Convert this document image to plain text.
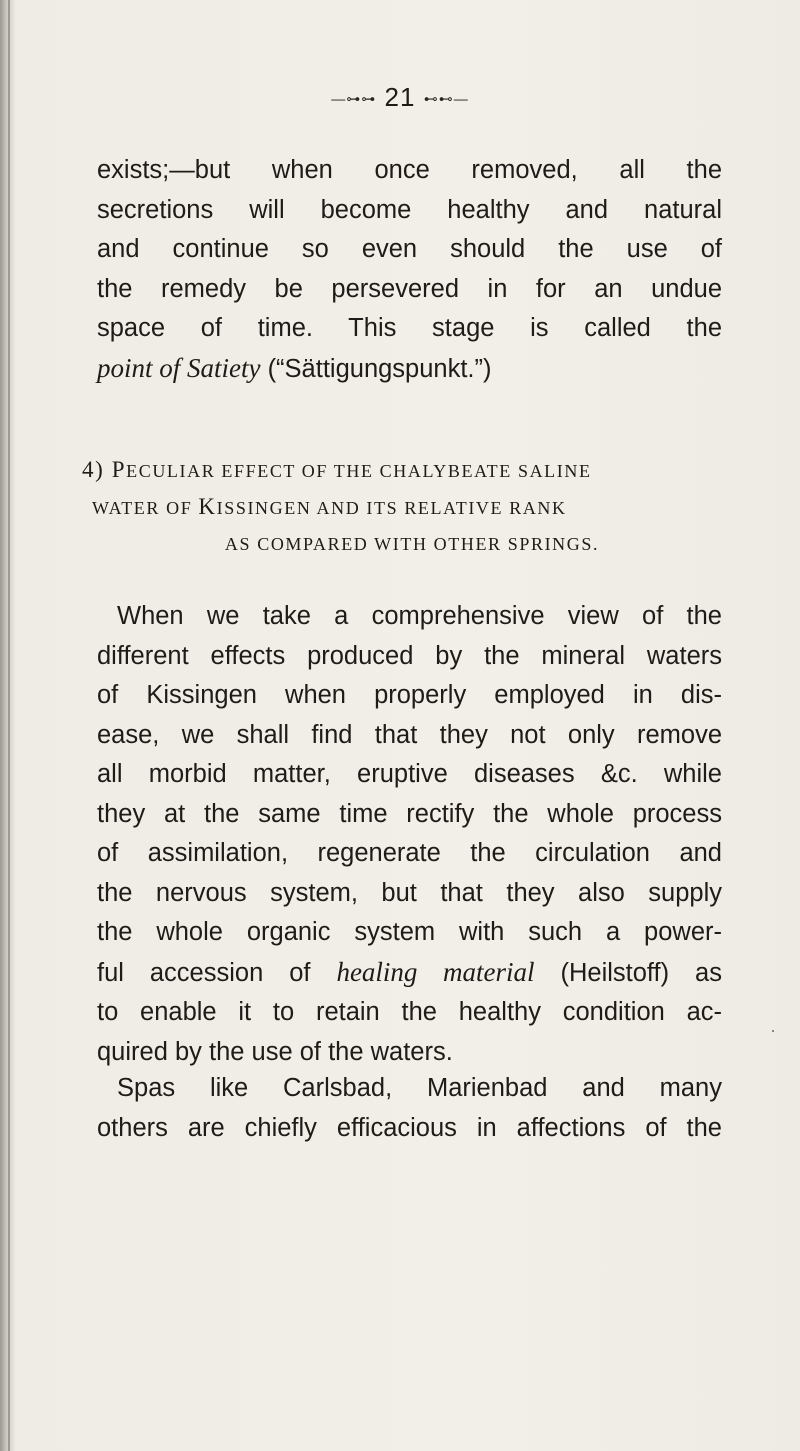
—⊶⊶ 21 ⊷⊷—
exists;—but when once removed, all the
secretions will become healthy and natural
and continue so even should the use of
the remedy be persevered in for an undue
space of time. This stage is called the
point of Satiety (“Sättigungspunkt.”)
4) PECULIAR EFFECT OF THE CHALYBEATE SALINE
WATER OF KISSINGEN AND ITS RELATIVE RANK
AS COMPARED WITH OTHER SPRINGS.
When we take a comprehensive view of the
different effects produced by the mineral waters
of Kissingen when properly employed in dis-
ease, we shall find that they not only remove
all morbid matter, eruptive diseases &c. while
they at the same time rectify the whole process
of assimilation, regenerate the circulation and
the nervous system, but that they also supply
the whole organic system with such a power-
ful accession of healing material (Heilstoff) as
to enable it to retain the healthy condition ac-
quired by the use of the waters.
Spas like Carlsbad, Marienbad and many
others are chiefly efficacious in affections of the
·
